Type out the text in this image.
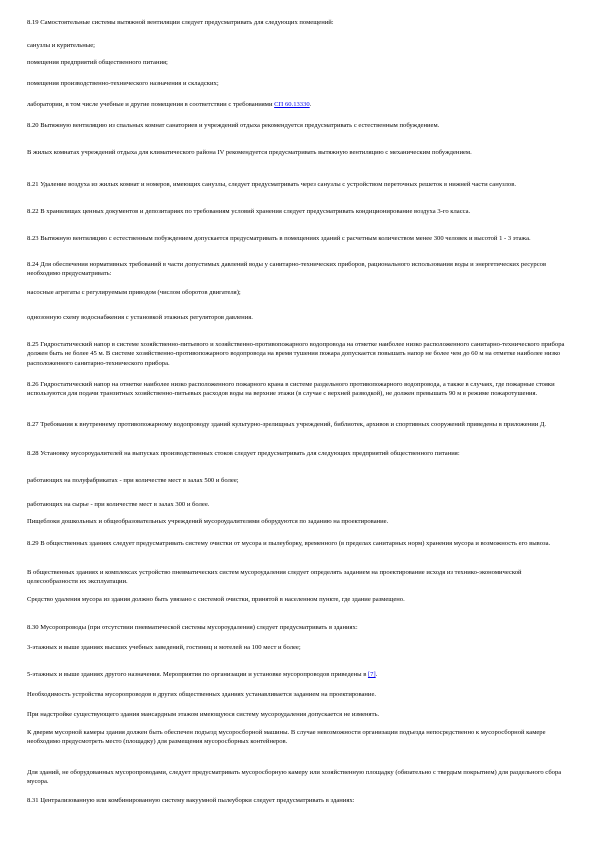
8.19 Самостоятельные системы вытяжной вентиляции следует предусматривать для следующих помещений:

санузлы и курительные;

помещения предприятий общественного питания;

помещения производственно-технического назначения и складских;

лаборатории, в том числе учебные и другие помещения в соответствии с требованиями СП 60.13330.

8.20 Вытяжную вентиляцию из спальных комнат санаториев и учреждений отдыха рекомендуется предусматривать с естественным побуждением.

В жилых комнатах учреждений отдыха для климатического района IV рекомендуется предусматривать вытяжную вентиляцию с механическим побуждением.

8.21 Удаление воздуха из жилых комнат и номеров, имеющих санузлы, следует предусматривать через санузлы с устройством переточных решеток в нижней части санузлов.

8.22 В хранилищах ценных документов и депозитариях по требованиям условий хранения следует предусматривать кондиционирование воздуха 3-го класса.

8.23 Вытяжную вентиляцию с естественным побуждением допускается предусматривать в помещениях зданий с расчетным количеством менее 300 человек и высотой 1 - 3 этажа.

8.24 Для обеспечения нормативных требований в части допустимых давлений воды у санитарно-технических приборов, рационального использования воды и энергетических ресурсов необходимо предусматривать:

насосные агрегаты с регулируемым приводом (числом оборотов двигателя);

однозонную схему водоснабжения с установкой этажных регуляторов давления.

8.25 Гидростатический напор в системе хозяйственно-питьевого и хозяйственно-противопожарного водопровода на отметке наиболее низко расположенного санитарно-технического прибора должен быть не более 45 м. В системе хозяйственно-противопожарного водопровода на время тушения пожара допускается повышать напор не более чем до 60 м на отметке наиболее низко расположенного санитарно-технического прибора.

8.26 Гидростатический напор на отметке наиболее низко расположенного пожарного крана в системе раздельного противопожарного водопровода, а также в случаях, где пожарные стояки используются для подачи транзитных хозяйственно-питьевых расходов воды на верхние этажи (в случае с верхней разводкой), не должен превышать 90 м в режиме пожаротушения.

8.27 Требования к внутреннему противопожарному водопроводу зданий культурно-зрелищных учреждений, библиотек, архивов и спортивных сооружений приведены в приложении Д.

8.28 Установку мусороудалителей на выпусках производственных стоков следует предусматривать для следующих предприятий общественного питания:

работающих на полуфабрикатах - при количестве мест в залах 500 и более;

работающих на сырье - при количестве мест в залах 300 и более.

Пищеблоки дошкольных и общеобразовательных учреждений мусороудалителями оборудуются по заданию на проектирование.

8.29 В общественных зданиях следует предусматривать систему очистки от мусора и пылеуборку, временного (в пределах санитарных норм) хранения мусора и возможность его вывоза.

В общественных зданиях и комплексах устройство пневматических систем мусороудаления следует определять заданием на проектирование исходя из технико-экономической целесообразности их эксплуатации.

Средство удаления мусора из здания должно быть увязано с системой очистки, принятой в населенном пункте, где здание размещено.

8.30 Мусоропроводы (при отсутствии пневматической системы мусороудаления) следует предусматривать в зданиях:

3-этажных и выше зданиях высших учебных заведений, гостиниц и мотелей на 100 мест и более;

5-этажных и выше зданиях другого назначения. Мероприятия по организации и установке мусоропроводов приведены в [7].

Необходимость устройства мусоропроводов в других общественных зданиях устанавливается заданием на проектирование.

При надстройке существующего здания мансардным этажом имеющуюся систему мусороудаления допускается не изменять.

К дверям мусорной камеры здания должен быть обеспечен подъезд мусоросборной машины. В случае невозможности организации подъезда непосредственно к мусоросборной камере необходимо предусмотреть место (площадку) для размещения мусоросборных контейнеров.

Для зданий, не оборудованных мусоропроводами, следует предусматривать мусоросборную камеру или хозяйственную площадку (обязательно с твердым покрытием) для раздельного сбора мусора.

8.31 Централизованную или комбинированную систему вакуумной пылеуборки следует предусматривать в зданиях:
